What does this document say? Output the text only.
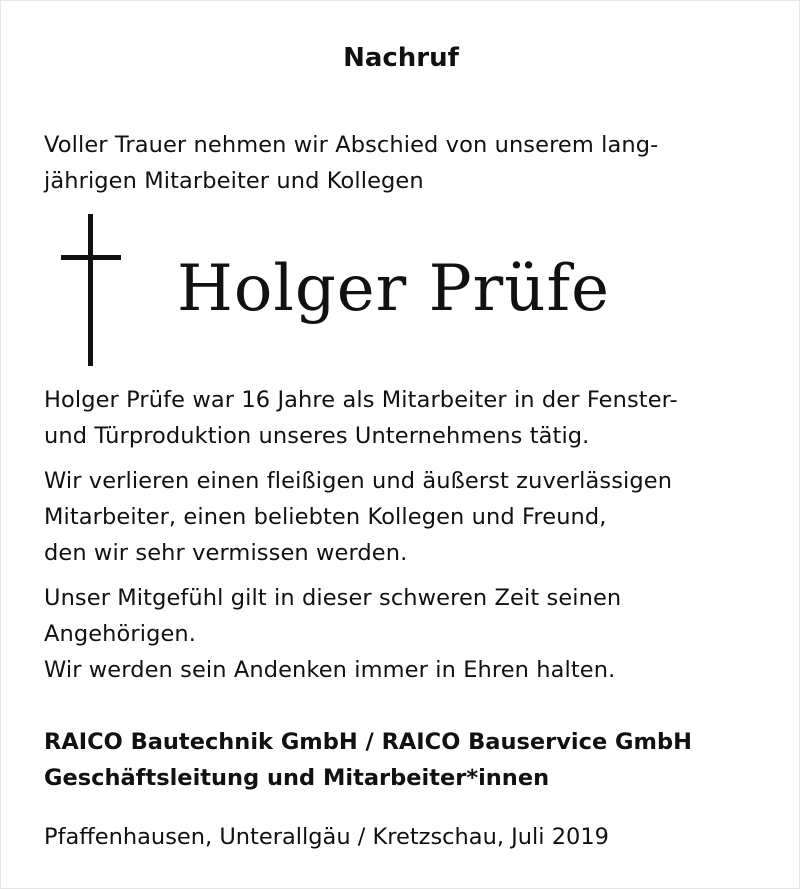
Nachruf
Voller Trauer nehmen wir Abschied von unserem lang-
jährigen Mitarbeiter und Kollegen
Holger Prüfe
Holger Prüfe war 16 Jahre als Mitarbeiter in der Fenster-
und Türproduktion unseres Unternehmens tätig.
Wir verlieren einen fleißigen und äußerst zuverlässigen
Mitarbeiter, einen beliebten Kollegen und Freund,
den wir sehr vermissen werden.
Unser Mitgefühl gilt in dieser schweren Zeit seinen
Angehörigen.
Wir werden sein Andenken immer in Ehren halten.
RAICO Bautechnik GmbH / RAICO Bauservice GmbH
Geschäftsleitung und Mitarbeiter*innen
Pfaffenhausen, Unterallgäu / Kretzschau, Juli 2019
